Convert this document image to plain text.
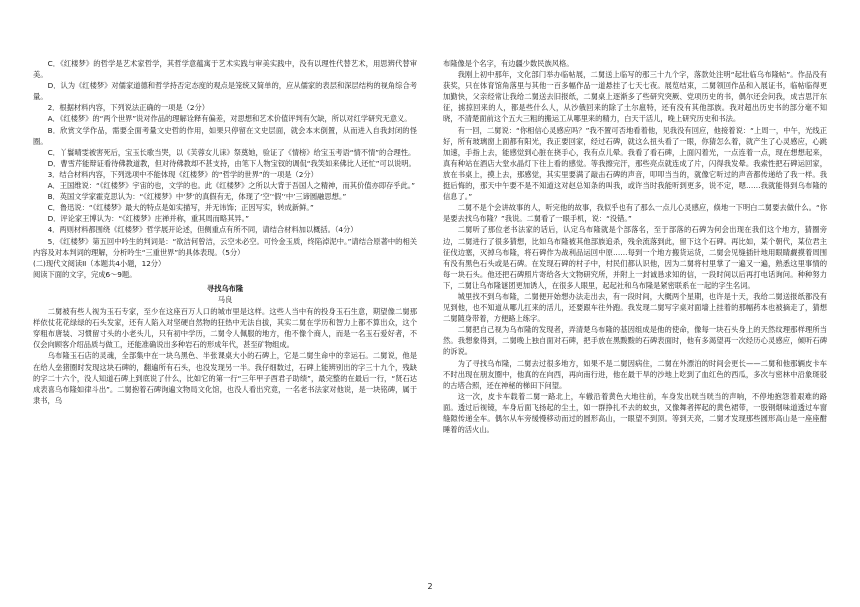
C．《红楼梦》的哲学是艺术家哲学，其哲学意蕴寓于艺术实践与审美实践中，没有以理性代替艺术，用思辨代替审美。

D．认为《红楼梦》对儒家道德和哲学持否定态度的观点是笼统又简单的，应从儒家的表层和深层结构的视角综合考量。

2．根据材料内容，下列说法正确的一项是（2分）

A．《红楼梦》的“两个世界”说对作品的理解诠释有偏差，对思想和艺术价值评判有欠缺，所以对红学研究无意义。

B．欣赏文学作品，需要全面考量文史哲的作用，如果只停留在文史层面，就会本末倒置，从而进入自我封闭的怪圈。

C．丫鬟晴雯被害死后，宝玉长歌当哭，以《芙蓉女儿诔》祭奠她，验证了《情榜》给宝玉考语“情不情”的合理性。

D．曹雪芹能辩证看待佛教道教，但对待佛教却不甚支持，由笔下人物宝钗的调侃“我笑如来佛比人还忙”可以说明。

3．结合材料内容，下列选项中不能体现《红楼梦》的“哲学的世界”的一项是（2分）

A．王国维说：“《红楼梦》宇宙的也，文学的也。此《红楼梦》之所以大背于吾国人之精神，而其价值亦即存乎此。”

B．英国文学家霍克思认为：“《红楼梦》中‘梦’的真假有无，体现了‘空’‘假’‘中’三谛圆融思想。”

C．鲁迅说：“《红楼梦》最大的特点是如实描写，并无讳饰；正因写实，转成新鲜。”

D．评论家王博认为：“《红楼梦》庄禅并称，重其周而略其异。”

4．两则材料都围绕《红楼梦》哲学展开论述，但侧重点有所不同，请结合材料加以概括。（4分）

5．《红楼梦》第五回中吟生的判词是：“欲洁何曾洁，云空未必空。可怜金玉质，终陷淖泥中。”请结合原著中的相关内容及对本判词的理解，分析吟生“三重世界”的具体表现。（5分）

(二)现代文阅读II（本题共4小题，12分）

阅读下面的文字，完成6～9题。

寻找乌布隆

马良

二舅被有些人视为玉石专家，至少在这座百万人口的城市里是这样。这些人当中有的投身玉石生意，期望像二舅那样依仗花花绿绿的石头发家，还有人陷入对坚硬自然物的狂热中无法自拔，其实二舅在学历和智力上都不算出众，这个穿粗布唐装、习惯留寸头的小老头儿，只有初中学历，二舅令人佩服的地方，他不像个商人，而是一名玉石爱好者，不仅会向顾客介绍品质与做工，还能准确说出多种岩石的形成年代，甚至矿物组成。

乌布隆玉石店的灵魂，全部集中在一块乌黑色、半张课桌大小的石碑上，它是二舅生命中的幸运石。二舅说，他是在给人垒猪圈时发现这块石碑的，翻遍所有石头，也没发现另一半。我仔细数过，石碑上能辨别出的字三十九个，残缺的字二十六个，没人知道石碑上到底说了什么，比如它的第一行“三年甲子酉君子助绩”，最完整的在最后一行，“贤石达成表喜乌布隆如律斗出”。二舅抱着石碑询遍文物局文化馆，也没人看出究竟，一名老书法家对他说，是一块铭碑，属于隶书，乌

布隆像是个名字，有边疆少数民族风格。

我刚上初中那年，文化部门举办临帖展，二舅送上临写的那三十九个字，落款处注明“起壮临乌布隆帖”。作品没有获奖，只在体育馆角落里与其他一百多幅作品一道悬挂了七天七夜。展览结束，二舅领回作品和入展证书，临帖临得更加勤快，父亲经常让我给二舅送去旧报纸，二舅桌上逐渐多了些研究突厥、党项历史的书，偶尔还会问我，成吉思汗东征，掳掠回来的人，都是些什么人，从沙俄回来的除了土尔扈特，还有没有其他部族。我对超出历史书的部分毫不知晓，不清楚面前这个五大三粗的搬运工从哪里来的精力，白天干活儿，晚上研究历史和书法。

有一回，二舅说：“你相信心灵感应吗？”我不置可否地看着他，见我没有回应，他接着说：“上周一，中午，光线正好，所有玻璃窗上面都有阳光，我正要回家，经过石碑，就这么扭头看了一眼，你猜怎么着，就产生了心灵感应，心跳加速，手指上去，能感觉到心脏在挠手心，我有点儿晕。我看了看石碑，上面闪着光，一点连着一点，现在想想起来，真有种站在酒店大堂水晶灯下往上看的感觉。等我擦完汗，那些亮点就连成了片，闪得我发晕。我索性把石碑运回家，放在书桌上，摸上去，那感觉，其实里要满了敲击石碑的声音，叩叩当当的，就像它听过的声音都传递给了我一样。我挺后悔的，那天中午要不是不知道这对赵总知条的叫我，或许当时我能听到更多，说不定，嗯……我就能得到乌布隆的信息了。”

二舅不是个会讲故事的人，听完他的故事，我似乎也有了那么一点儿心灵感应，倏地一下明白二舅要去做什么。“你是要去找乌布隆？”我说。二舅看了一眼手机，说：“没错。”

二舅听了那位老书法家的话后，认定乌布隆就是个部落名，至于部落的石碑为何会出现在我们这个地方，猜圈旁边，二舅进行了很多猜想，比如乌布隆被其他部族追杀，残余流落到此，留下这个石碑。再比如，某个朝代，某位君主征伐边塞，灭掉乌布隆，将石碑作为战利品运回中原……每到一个地方搬货运货，二舅会见缝插针地用眼睛觑摸着周围有没有黑色石头或是石碑。在发现石碑的村子中，村民们都认识他，因为二舅将村里掌了一遍又一遍，熟悉这里事情的每一块石头。他还把石碑照片寄给各大文物研究所，并附上一封诚恳求知的信，一段时间以后再打电话询问。种种努力下，二舅让乌布隆谜团更加诱人，在很多人眼里，起起社和乌布隆是紧密联系在一起的字生名词。

城里找不到乌布隆，二舅便开始想办法走出去，有一段时间，大概两个星期，也许是十天，我给二舅送报纸都没有见到他，也不知道从哪儿扛来的活儿，还要跟车往外跑。我发现二舅写字桌对面墙上挂着的那幅药本也被摘走了，猜想二舅随身带着，方便路上练字。

二舅把自己视为乌布隆的发现者，弄清楚乌布隆的基因组成是他的使命，像每一块石头身上的天然纹理那样理所当然。我想象得到，二舅晚上独自面对石碑，把手放在黑黢黢的石碑表面时，他有多渴望再一次经历心灵感应，倾听石碑的诉说。

为了寻找乌布隆，二舅去过很多地方，如果不是二舅因病住，二舅在外漂泊的时间会更长——二舅和他那辆皮卡车不时出现在朋友圈中，他真的在向西，再向南行进，他在最干旱的沙地上吃到了血红色的西瓜，多次与密林中沿象斑驳的古塔合照，还在神秘的梯田下问望。

这一次，皮卡车载着二舅一路北上，车辙沿着黄色大地往前，车身发出咣当咣当的声响，不停地抱怨着艰难的路面。透过后视镜，车身后面飞扬起的尘土，如一群挣扎不去的蚊虫，又像舞者挥起的黄色裙带，一股钢烟味道透过车窗缝隙传递全车。偶尔从车旁缓慢移动而过的圆形高山，一眼望不到顶。等到天亮，二舅才发现那些圆形高山是一座座酣睡着的活火山。

2
